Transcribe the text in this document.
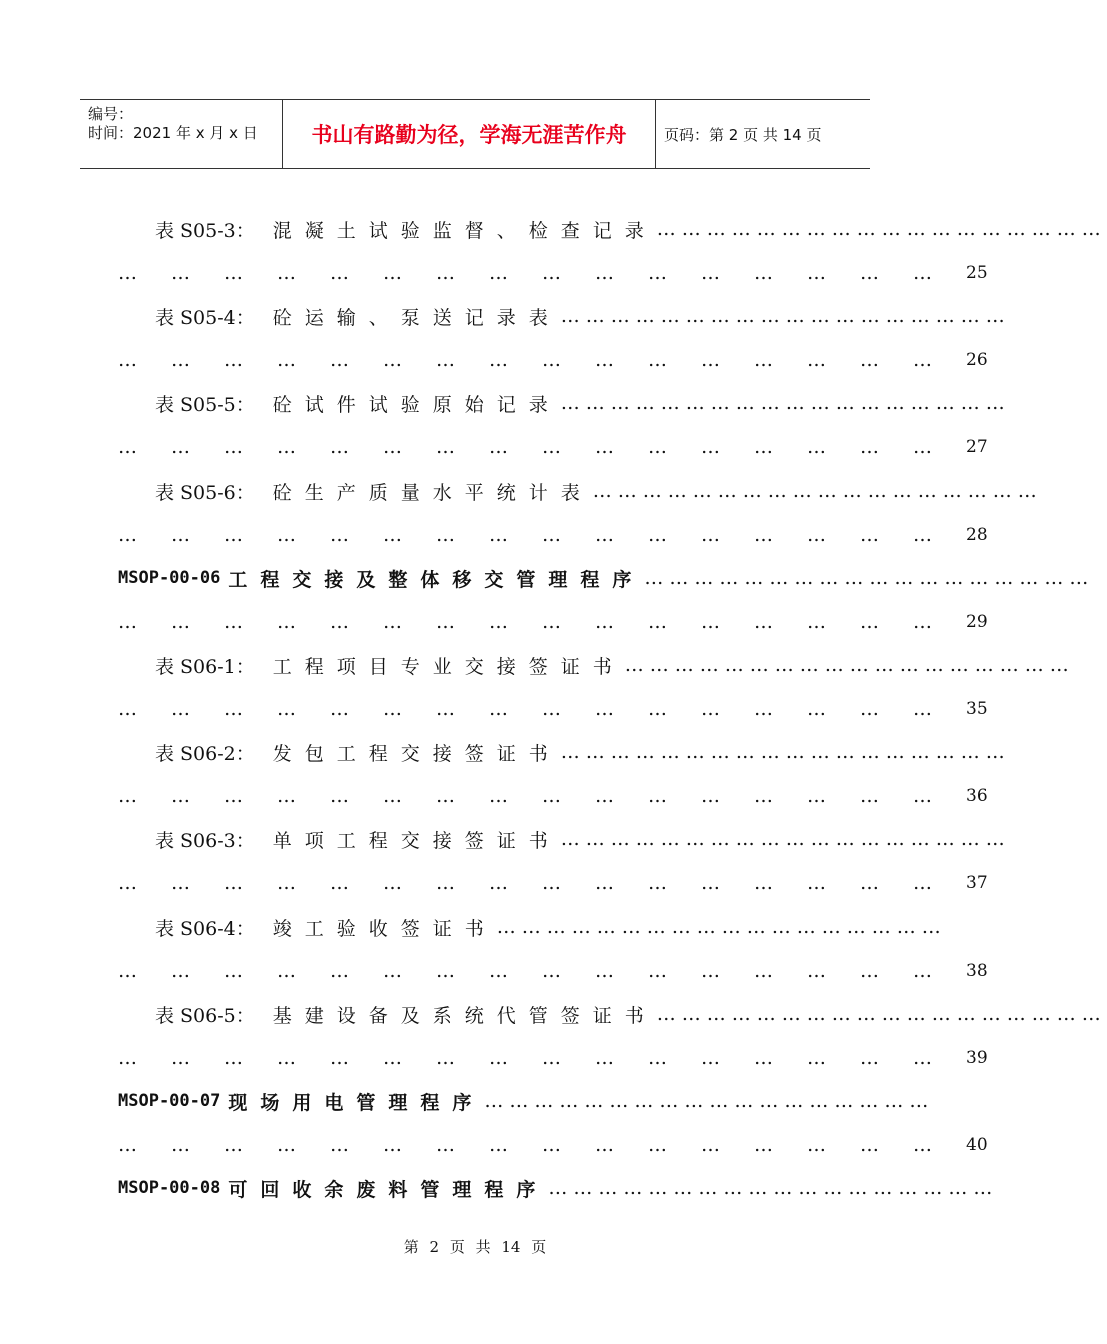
编号：
时间：2021 年 x 月 x 日	书山有路勤为径，学海无涯苦作舟	页码：第 2 页 共 14 页
表 S05-3： 混凝土试验监督、检查记录 ………………………………………………
………………………………………… 25
表 S05-4： 砼运输、泵送记录表 ………………………………………………
………………………………………… 26
表 S05-5： 砼试件试验原始记录 ………………………………………………
………………………………………… 27
表 S05-6： 砼生产质量水平统计表 ………………………………………………
………………………………………… 28
MSOP-00-06 工程交接及整体移交管理程序 ………………………………………………
………………………………………… 29
表 S06-1： 工程项目专业交接签证书 ………………………………………………
………………………………………… 35
表 S06-2： 发包工程交接签证书 ………………………………………………
………………………………………… 36
表 S06-3： 单项工程交接签证书 ………………………………………………
………………………………………… 37
表 S06-4： 竣工验收签证书 ………………………………………………
………………………………………… 38
表 S06-5： 基建设备及系统代管签证书 ………………………………………………
………………………………………… 39
MSOP-00-07 现场用电管理程序 ………………………………………………
………………………………………… 40
MSOP-00-08 可回收余废料管理程序 ………………………………………………
第 2 页 共 14 页
